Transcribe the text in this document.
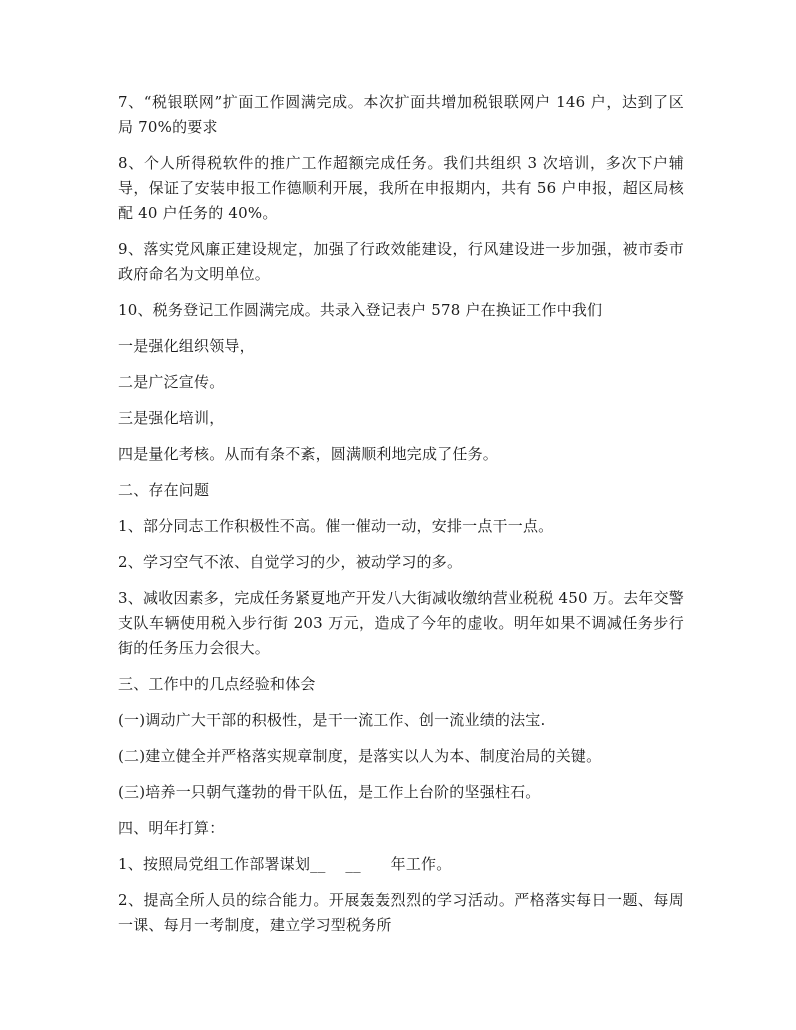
7、“税银联网”扩面工作圆满完成。本次扩面共增加税银联网户 146 户，达到了区局 70%的要求

8、个人所得税软件的推广工作超额完成任务。我们共组织 3 次培训，多次下户辅导，保证了安装申报工作德顺利开展，我所在申报期内，共有 56 户申报，超区局核配 40 户任务的 40%。

9、落实党风廉正建设规定，加强了行政效能建设，行风建设进一步加强，被市委市政府命名为文明单位。

10、税务登记工作圆满完成。共录入登记表户 578 户在换证工作中我们

一是强化组织领导，

二是广泛宣传。

三是强化培训，

四是量化考核。从而有条不紊，圆满顺利地完成了任务。

二、存在问题

1、部分同志工作积极性不高。催一催动一动，安排一点干一点。

2、学习空气不浓、自觉学习的少，被动学习的多。

3、减收因素多，完成任务紧夏地产开发八大街减收缴纳营业税税 450 万。去年交警支队车辆使用税入步行街 203 万元，造成了今年的虚收。明年如果不调减任务步行街的任务压力会很大。

三、工作中的几点经验和体会

(一)调动广大干部的积极性，是干一流工作、创一流业绩的法宝.

(二)建立健全并严格落实规章制度，是落实以人为本、制度治局的关键。

(三)培养一只朝气蓬勃的骨干队伍，是工作上台阶的坚强柱石。

四、明年打算：

1、按照局党组工作部署谋划__    __      年工作。

2、提高全所人员的综合能力。开展轰轰烈烈的学习活动。严格落实每日一题、每周一课、每月一考制度，建立学习型税务所
